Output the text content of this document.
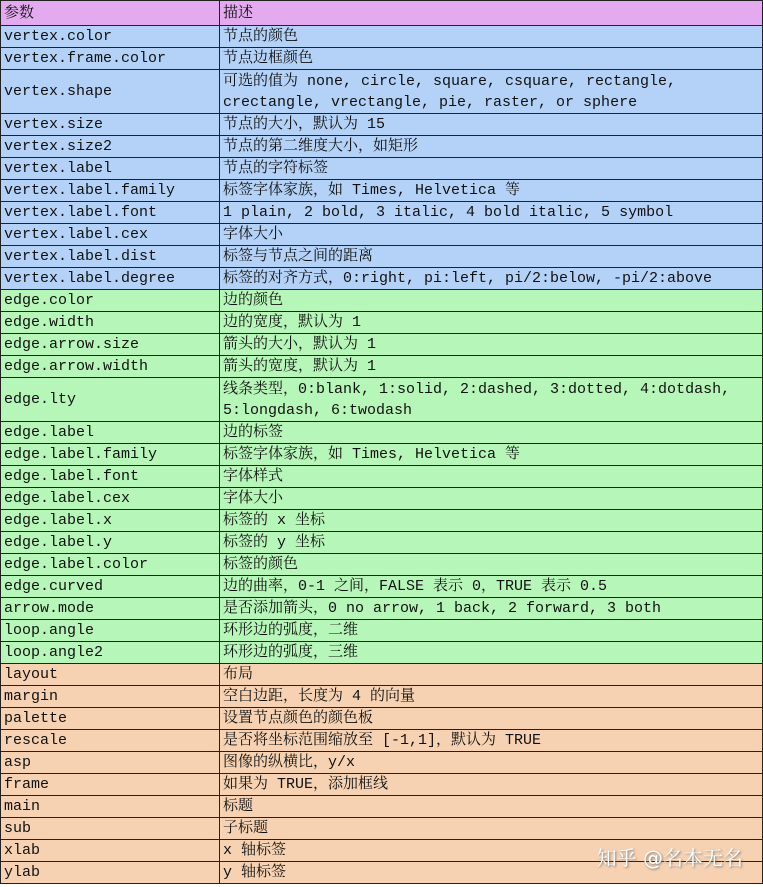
参数	描述
vertex.color	节点的颜色
vertex.frame.color	节点边框颜色
vertex.shape	可选的值为 none, circle, square, csquare, rectangle, crectangle, vrectangle, pie, raster, or sphere
vertex.size	节点的大小，默认为 15
vertex.size2	节点的第二维度大小，如矩形
vertex.label	节点的字符标签
vertex.label.family	标签字体家族，如 Times, Helvetica 等
vertex.label.font	1 plain, 2 bold, 3 italic, 4 bold italic, 5 symbol
vertex.label.cex	字体大小
vertex.label.dist	标签与节点之间的距离
vertex.label.degree	标签的对齐方式，0:right, pi:left, pi/2:below, -pi/2:above
edge.color	边的颜色
edge.width	边的宽度，默认为 1
edge.arrow.size	箭头的大小，默认为 1
edge.arrow.width	箭头的宽度，默认为 1
edge.lty	线条类型，0:blank, 1:solid, 2:dashed, 3:dotted, 4:dotdash, 5:longdash, 6:twodash
edge.label	边的标签
edge.label.family	标签字体家族，如 Times, Helvetica 等
edge.label.font	字体样式
edge.label.cex	字体大小
edge.label.x	标签的 x 坐标
edge.label.y	标签的 y 坐标
edge.label.color	标签的颜色
edge.curved	边的曲率，0-1 之间，FALSE 表示 0，TRUE 表示 0.5
arrow.mode	是否添加箭头，0 no arrow, 1 back, 2 forward, 3 both
loop.angle	环形边的弧度，二维
loop.angle2	环形边的弧度，三维
layout	布局
margin	空白边距，长度为 4 的向量
palette	设置节点颜色的颜色板
rescale	是否将坐标范围缩放至 [-1,1]，默认为 TRUE
asp	图像的纵横比，y/x
frame	如果为 TRUE，添加框线
main	标题
sub	子标题
xlab	x 轴标签
ylab	y 轴标签
知乎 @名本无名
